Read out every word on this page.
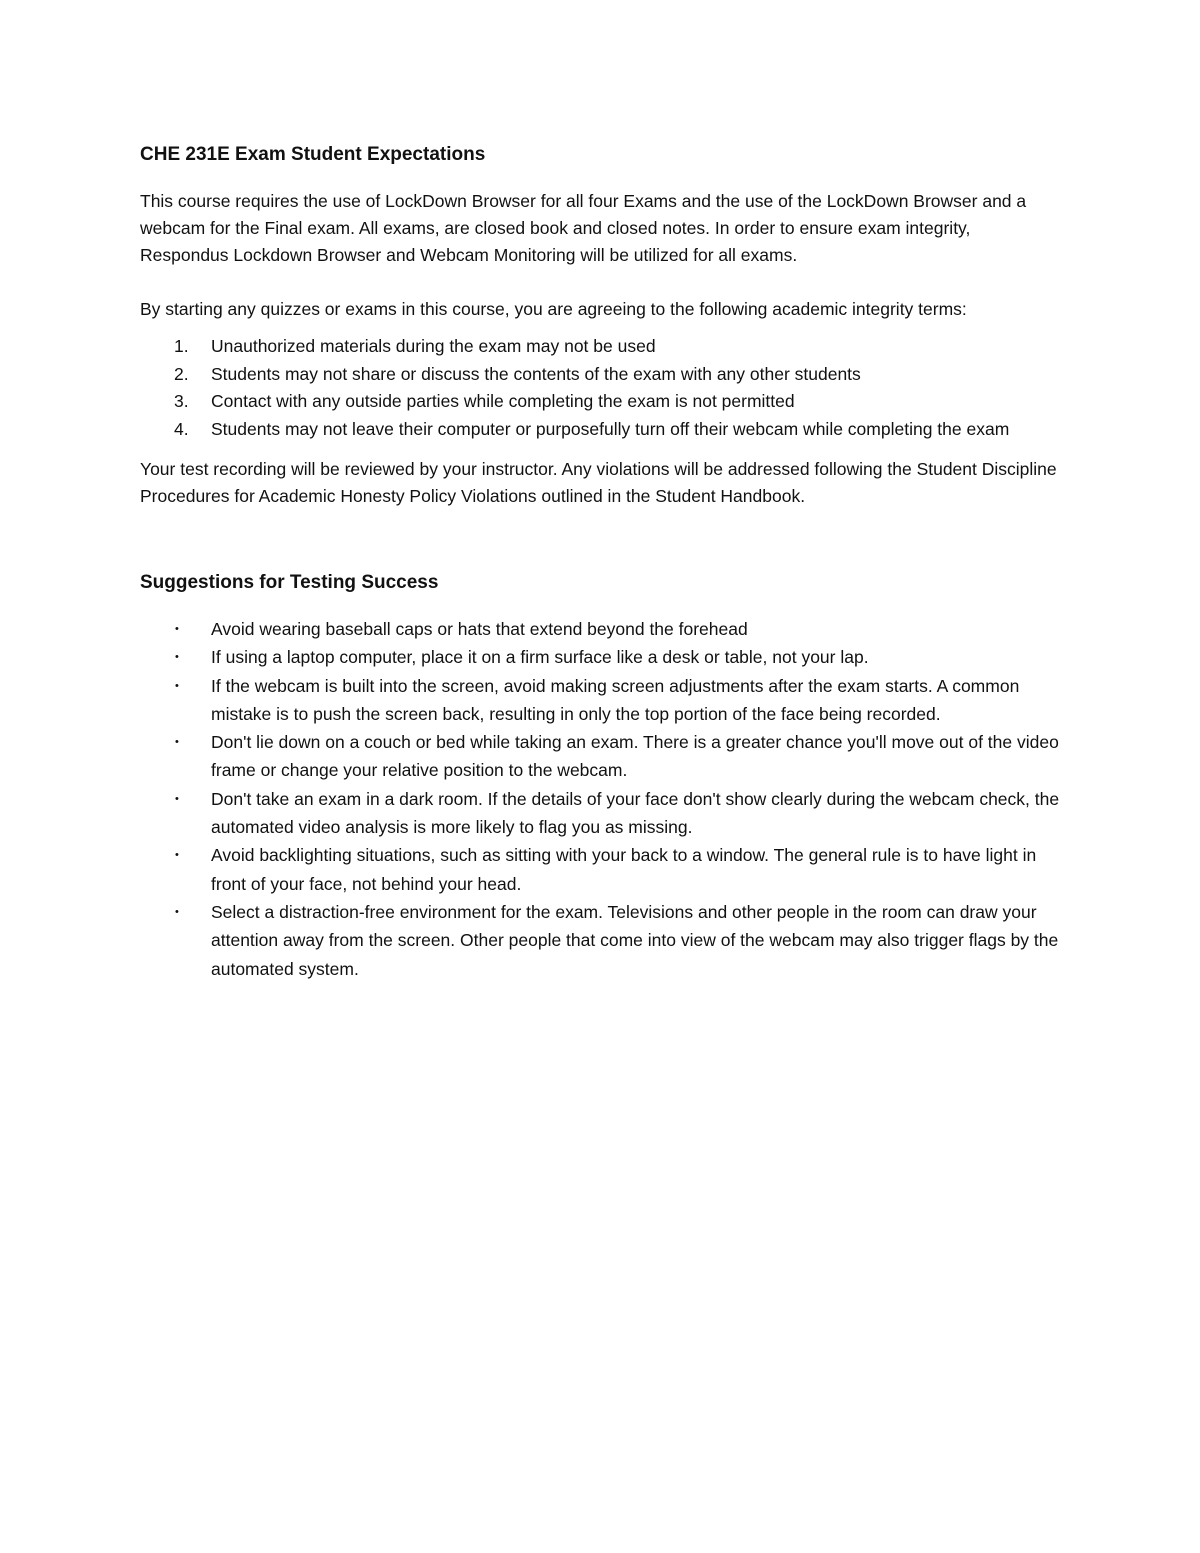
CHE 231E Exam Student Expectations

This course requires the use of LockDown Browser for all four Exams and the use of the LockDown Browser and a webcam for the Final exam. All exams, are closed book and closed notes. In order to ensure exam integrity, Respondus Lockdown Browser and Webcam Monitoring will be utilized for all exams.

By starting any quizzes or exams in this course, you are agreeing to the following academic integrity terms:

1.	Unauthorized materials during the exam may not be used
2.	Students may not share or discuss the contents of the exam with any other students
3.	Contact with any outside parties while completing the exam is not permitted
4.	Students may not leave their computer or purposefully turn off their webcam while completing the exam

Your test recording will be reviewed by your instructor. Any violations will be addressed following the Student Discipline Procedures for Academic Honesty Policy Violations outlined in the Student Handbook.

Suggestions for Testing Success
•	Avoid wearing baseball caps or hats that extend beyond the forehead
•	If using a laptop computer, place it on a firm surface like a desk or table, not your lap.
•	If the webcam is built into the screen, avoid making screen adjustments after the exam starts. A common mistake is to push the screen back, resulting in only the top portion of the face being recorded.
•	Don't lie down on a couch or bed while taking an exam. There is a greater chance you'll move out of the video frame or change your relative position to the webcam.
•	Don't take an exam in a dark room. If the details of your face don't show clearly during the webcam check, the automated video analysis is more likely to flag you as missing.
•	Avoid backlighting situations, such as sitting with your back to a window. The general rule is to have light in front of your face, not behind your head.
•	Select a distraction-free environment for the exam. Televisions and other people in the room can draw your attention away from the screen. Other people that come into view of the webcam may also trigger flags by the automated system.
